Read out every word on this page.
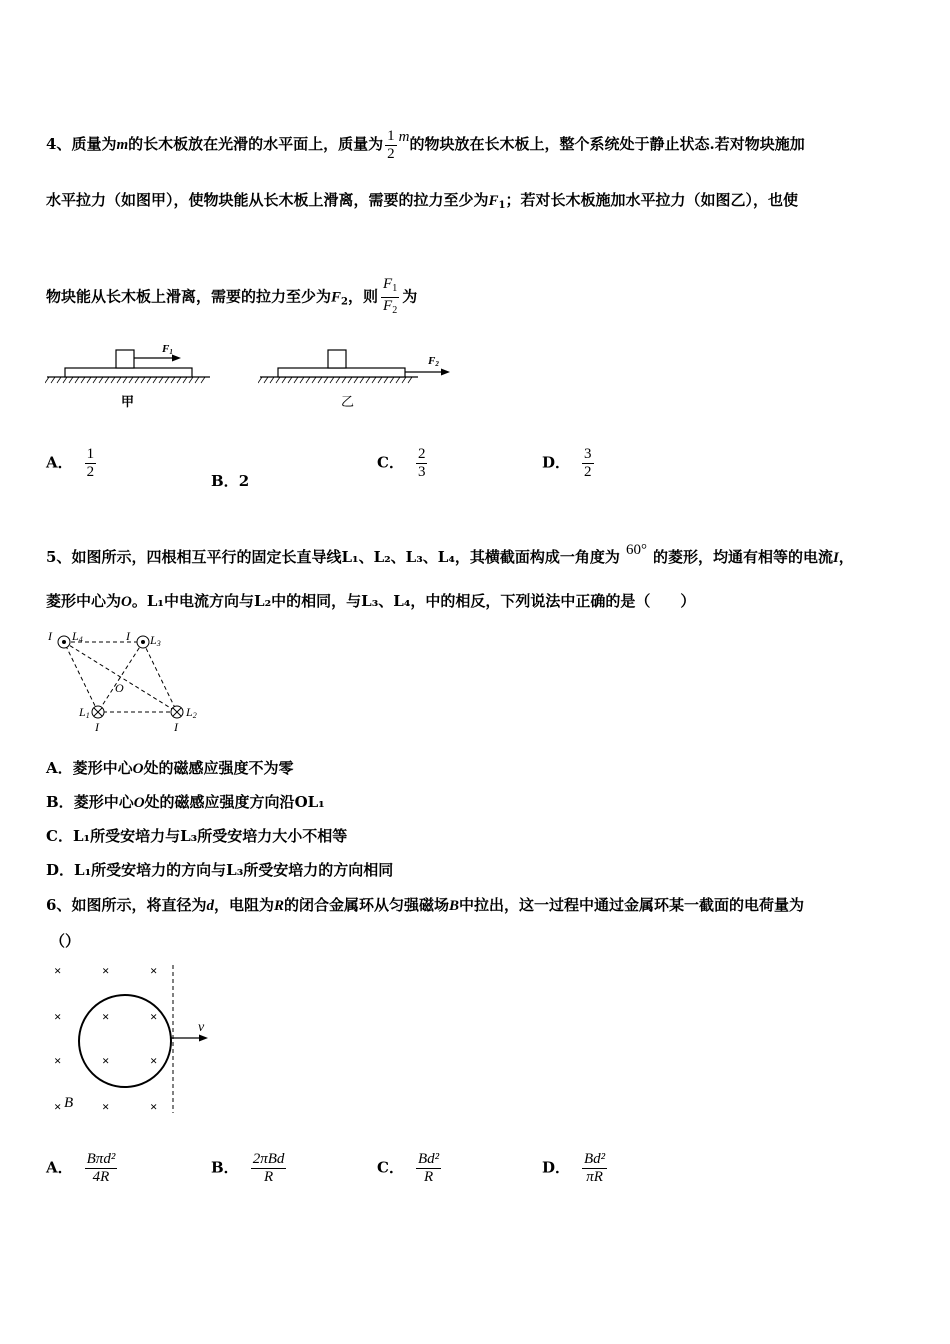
4、质量为m的长木板放在光滑的水平面上，质量为 $\frac{1}{2}$ m的物块放在长木板上，整个系统处于静止状态.若对物块施加
水平拉力（如图甲），使物块能从长木板上滑离，需要的拉力至少为$F_1$；若对长木板施加水平拉力（如图乙），也使
物块能从长木板上滑离，需要的拉力至少为$F_2$，则 $\frac{F_1}{F_2}$ 为
F1
甲
F2
乙
A． $\frac{1}{2}$	B．2
C． $\frac{2}{3}$	D． $\frac{3}{2}$
5、如图所示，四根相互平行的固定长直导线L₁、L₂、L₃、L₄，其横截面构成一角度为 60° 的菱形，均通有相等的电流I，
菱形中心为O。L₁中电流方向与L₂中的相同，与L₃、L₄，中的相反，下列说法中正确的是（　　）
I L4	I L3
O
L1
I
L2
I
A．菱形中心O处的磁感应强度不为零
B．菱形中心O处的磁感应强度方向沿OL₁
C．L₁所受安培力与L₃所受安培力大小不相等
D．L₁所受安培力的方向与L₃所受安培力的方向相同
6、如图所示，将直径为d，电阻为R的闭合金属环从匀强磁场B中拉出，这一过程中通过金属环某一截面的电荷量为
（）
×	×	×
×	×	×
×	×	×
×	×	×
v
B
A． $\frac{\text{Bπd²}}{4R}$	B． $\frac{\text{2πBd}}{R}$	C． $\frac{\text{Bd²}}{R}$	D． $\frac{\text{Bd²}}{\pi R}$
